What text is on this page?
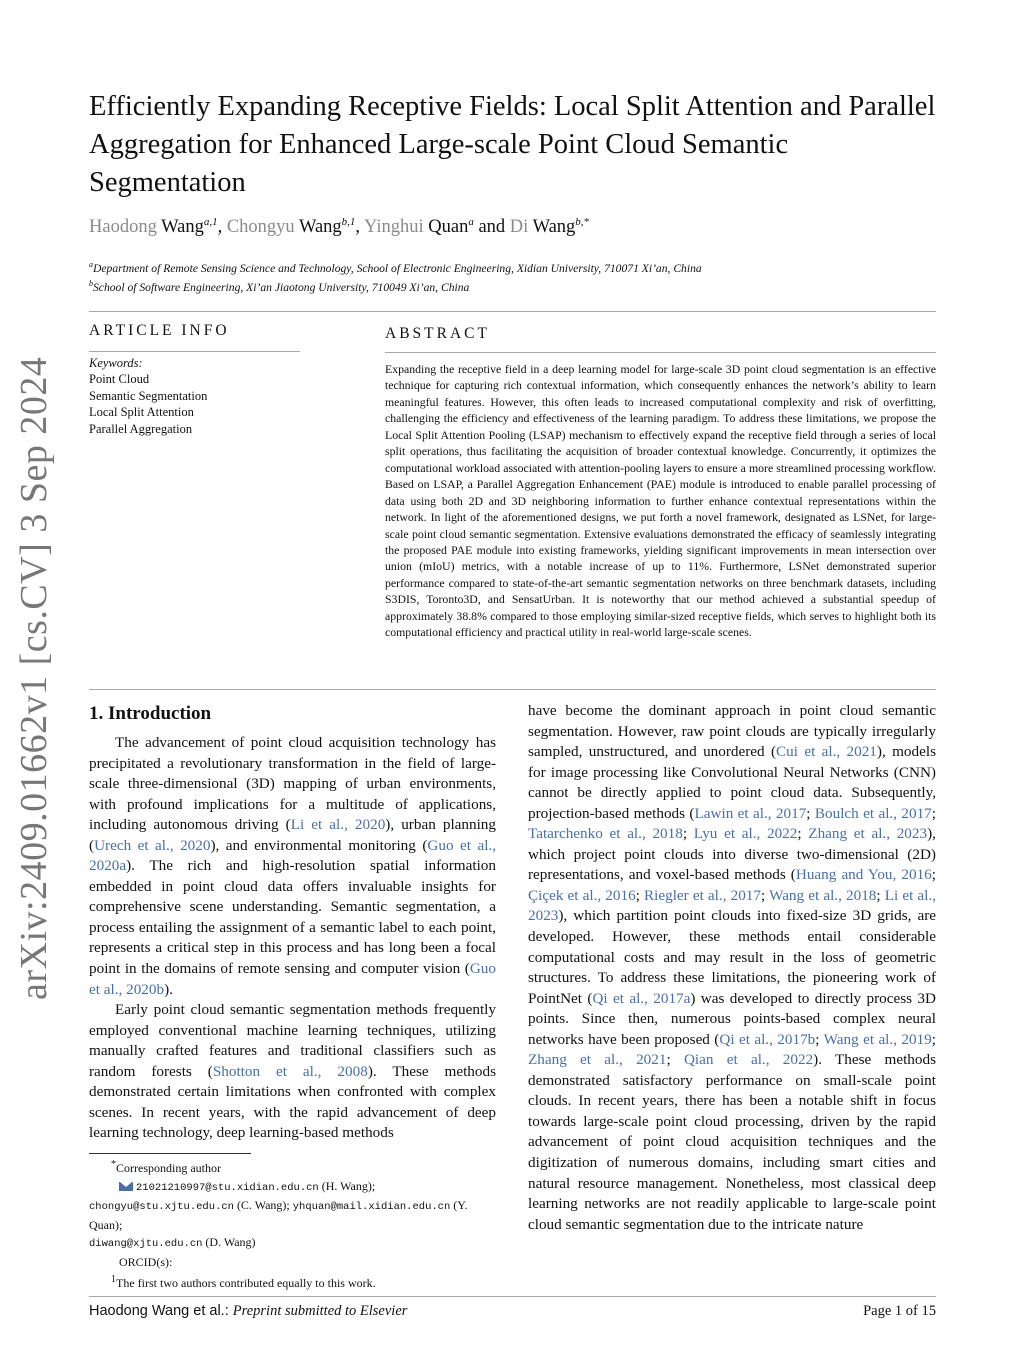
arXiv:2409.01662v1 [cs.CV] 3 Sep 2024
Efficiently Expanding Receptive Fields: Local Split Attention and Parallel Aggregation for Enhanced Large-scale Point Cloud Semantic Segmentation
Haodong Wang$^{a,1}$, Chongyu Wang$^{b,1}$, Yinghui Quan$^a$ and Di Wang$^{b,*}$
$^a$Department of Remote Sensing Science and Technology, School of Electronic Engineering, Xidian University, 710071 Xi’an, China
$^b$School of Software Engineering, Xi’an Jiaotong University, 710049 Xi’an, China
ARTICLE INFO
Keywords:
Point Cloud
Semantic Segmentation
Local Split Attention
Parallel Aggregation
ABSTRACT

Expanding the receptive field in a deep learning model for large-scale 3D point cloud segmentation is an effective technique for capturing rich contextual information, which consequently enhances the network’s ability to learn meaningful features. However, this often leads to increased computational complexity and risk of overfitting, challenging the efficiency and effectiveness of the learning paradigm. To address these limitations, we propose the Local Split Attention Pooling (LSAP) mechanism to effectively expand the receptive field through a series of local split operations, thus facilitating the acquisition of broader contextual knowledge. Concurrently, it optimizes the computational workload associated with attention-pooling layers to ensure a more streamlined processing workflow. Based on LSAP, a Parallel Aggregation Enhancement (PAE) module is introduced to enable parallel processing of data using both 2D and 3D neighboring information to further enhance contextual representations within the network. In light of the aforementioned designs, we put forth a novel framework, designated as LSNet, for large-scale point cloud semantic segmentation. Extensive evaluations demonstrated the efficacy of seamlessly integrating the proposed PAE module into existing frameworks, yielding significant improvements in mean intersection over union (mIoU) metrics, with a notable increase of up to 11%. Furthermore, LSNet demonstrated superior performance compared to state-of-the-art semantic segmentation networks on three benchmark datasets, including S3DIS, Toronto3D, and SensatUrban. It is noteworthy that our method achieved a substantial speedup of approximately 38.8% compared to those employing similar-sized receptive fields, which serves to highlight both its computational efficiency and practical utility in real-world large-scale scenes.

1. Introduction

The advancement of point cloud acquisition technology has precipitated a revolutionary transformation in the field of large-scale three-dimensional (3D) mapping of urban environments, with profound implications for a multitude of applications, including autonomous driving (Li et al., 2020), urban planning (Urech et al., 2020), and environmental monitoring (Guo et al., 2020a). The rich and high-resolution spatial information embedded in point cloud data offers invaluable insights for comprehensive scene understanding. Semantic segmentation, a process entailing the assignment of a semantic label to each point, represents a critical step in this process and has long been a focal point in the domains of remote sensing and computer vision (Guo et al., 2020b).

Early point cloud semantic segmentation methods frequently employed conventional machine learning techniques, utilizing manually crafted features and traditional classifiers such as random forests (Shotton et al., 2008). These methods demonstrated certain limitations when confronted with complex scenes. In recent years, with the rapid advancement of deep learning technology, deep learning-based methods

have become the dominant approach in point cloud semantic segmentation. However, raw point clouds are typically irregularly sampled, unstructured, and unordered (Cui et al., 2021), models for image processing like Convolutional Neural Networks (CNN) cannot be directly applied to point cloud data. Subsequently, projection-based methods (Lawin et al., 2017; Boulch et al., 2017; Tatarchenko et al., 2018; Lyu et al., 2022; Zhang et al., 2023), which project point clouds into diverse two-dimensional (2D) representations, and voxel-based methods (Huang and You, 2016; Çiçek et al., 2016; Riegler et al., 2017; Wang et al., 2018; Li et al., 2023), which partition point clouds into fixed-size 3D grids, are developed. However, these methods entail considerable computational costs and may result in the loss of geometric structures. To address these limitations, the pioneering work of PointNet (Qi et al., 2017a) was developed to directly process 3D points. Since then, numerous points-based complex neural networks have been proposed (Qi et al., 2017b; Wang et al., 2019; Zhang et al., 2021; Qian et al., 2022). These methods demonstrated satisfactory performance on small-scale point clouds. In recent years, there has been a notable shift in focus towards large-scale point cloud processing, driven by the rapid advancement of point cloud acquisition techniques and the digitization of numerous domains, including smart cities and natural resource management. Nonetheless, most classical deep learning networks are not readily applicable to large-scale point cloud semantic segmentation due to the intricate nature

*Corresponding author
21021210997@stu.xidian.edu.cn (H. Wang);
chongyu@stu.xjtu.edu.cn (C. Wang); yhquan@mail.xidian.edu.cn (Y. Quan);
diwang@xjtu.edu.cn (D. Wang)
ORCID(s):
$^1$The first two authors contributed equally to this work.
Haodong Wang et al.: Preprint submitted to Elsevier	Page 1 of 15
